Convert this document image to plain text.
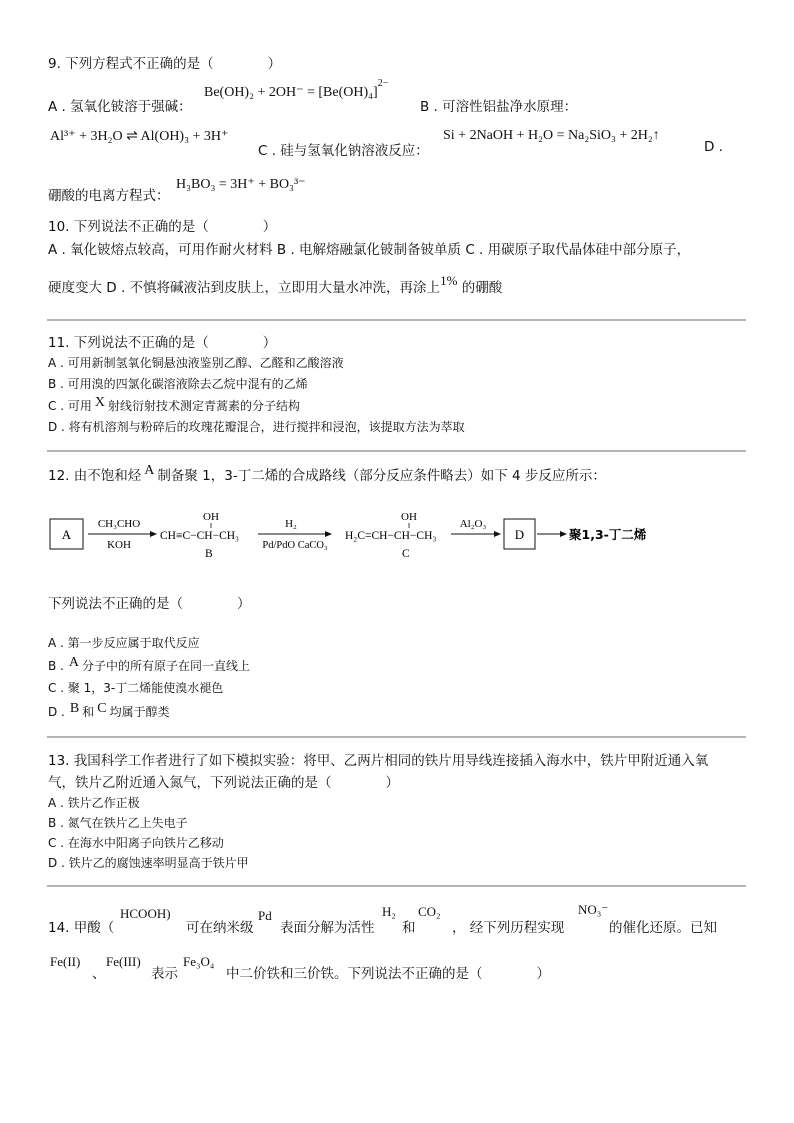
9. 下列方程式不正确的是（　　　　）
A . 氢氧化铍溶于强碱：
$Be(OH)_2 + 2OH^- = [Be(OH)_4]^{2-}$
B . 可溶性铝盐净水原理：
Al³⁺ + 3H₂O ⇌ Al(OH)₃ + 3H⁺
C . 硅与氢氧化钠溶液反应：
Si + 2NaOH + H₂O = Na₂SiO₃ + 2H₂↑
D .
硼酸的电离方程式：
H₃BO₃ = 3H⁺ + BO₃³⁻
10. 下列说法不正确的是（　　　　）
A . 氧化铍熔点较高，可用作耐火材料 B . 电解熔融氯化铍制备铍单质 C . 用碳原子取代晶体硅中部分原子，
硬度变大 D . 不慎将碱液沾到皮肤上，立即用大量水冲洗，再涂上1% 的硼酸
11. 下列说法不正确的是（　　　　）
A . 可用新制氢氧化铜悬浊液鉴别乙醇、乙醛和乙酸溶液
B . 可用溴的四氯化碳溶液除去乙烷中混有的乙烯
C . 可用 X 射线衍射技术测定青蒿素的分子结构
D . 将有机溶剂与粉碎后的玫瑰花瓣混合，进行搅拌和浸泡，该提取方法为萃取
12. 由不饱和烃 A 制备聚 1，3-丁二烯的合成路线（部分反应条件略去）如下 4 步反应所示：
A
CH₃CHO
KOH
OH
CH≡C−CH−CH₃
B
H₂
Pd/PdO CaCO₃
OH
H₂C=CH−CH−CH₃
C
Al₂O₃
D	聚1,3-丁二烯
下列说法不正确的是（　　　　）
A . 第一步反应属于取代反应
B . A 分子中的所有原子在同一直线上
C . 聚 1，3-丁二烯能使溴水褪色
D . B 和 C 均属于醇类
13. 我国科学工作者进行了如下模拟实验：将甲、乙两片相同的铁片用导线连接插入海水中，铁片甲附近通入氧
气，铁片乙附近通入氮气，下列说法正确的是（　　　　）
A . 铁片乙作正极
B . 氮气在铁片乙上失电子
C . 在海水中阳离子向铁片乙移动
D . 铁片乙的腐蚀速率明显高于铁片甲
14. 甲酸（
HCOOH)
可在纳米级
Pd
表面分解为活性
H₂
和
CO₂
， 经下列历程实现
NO₃⁻
的催化还原。已知
Fe(II)
、
Fe(III)
表示
Fe₃O₄
中二价铁和三价铁。下列说法不正确的是（　　　　）
